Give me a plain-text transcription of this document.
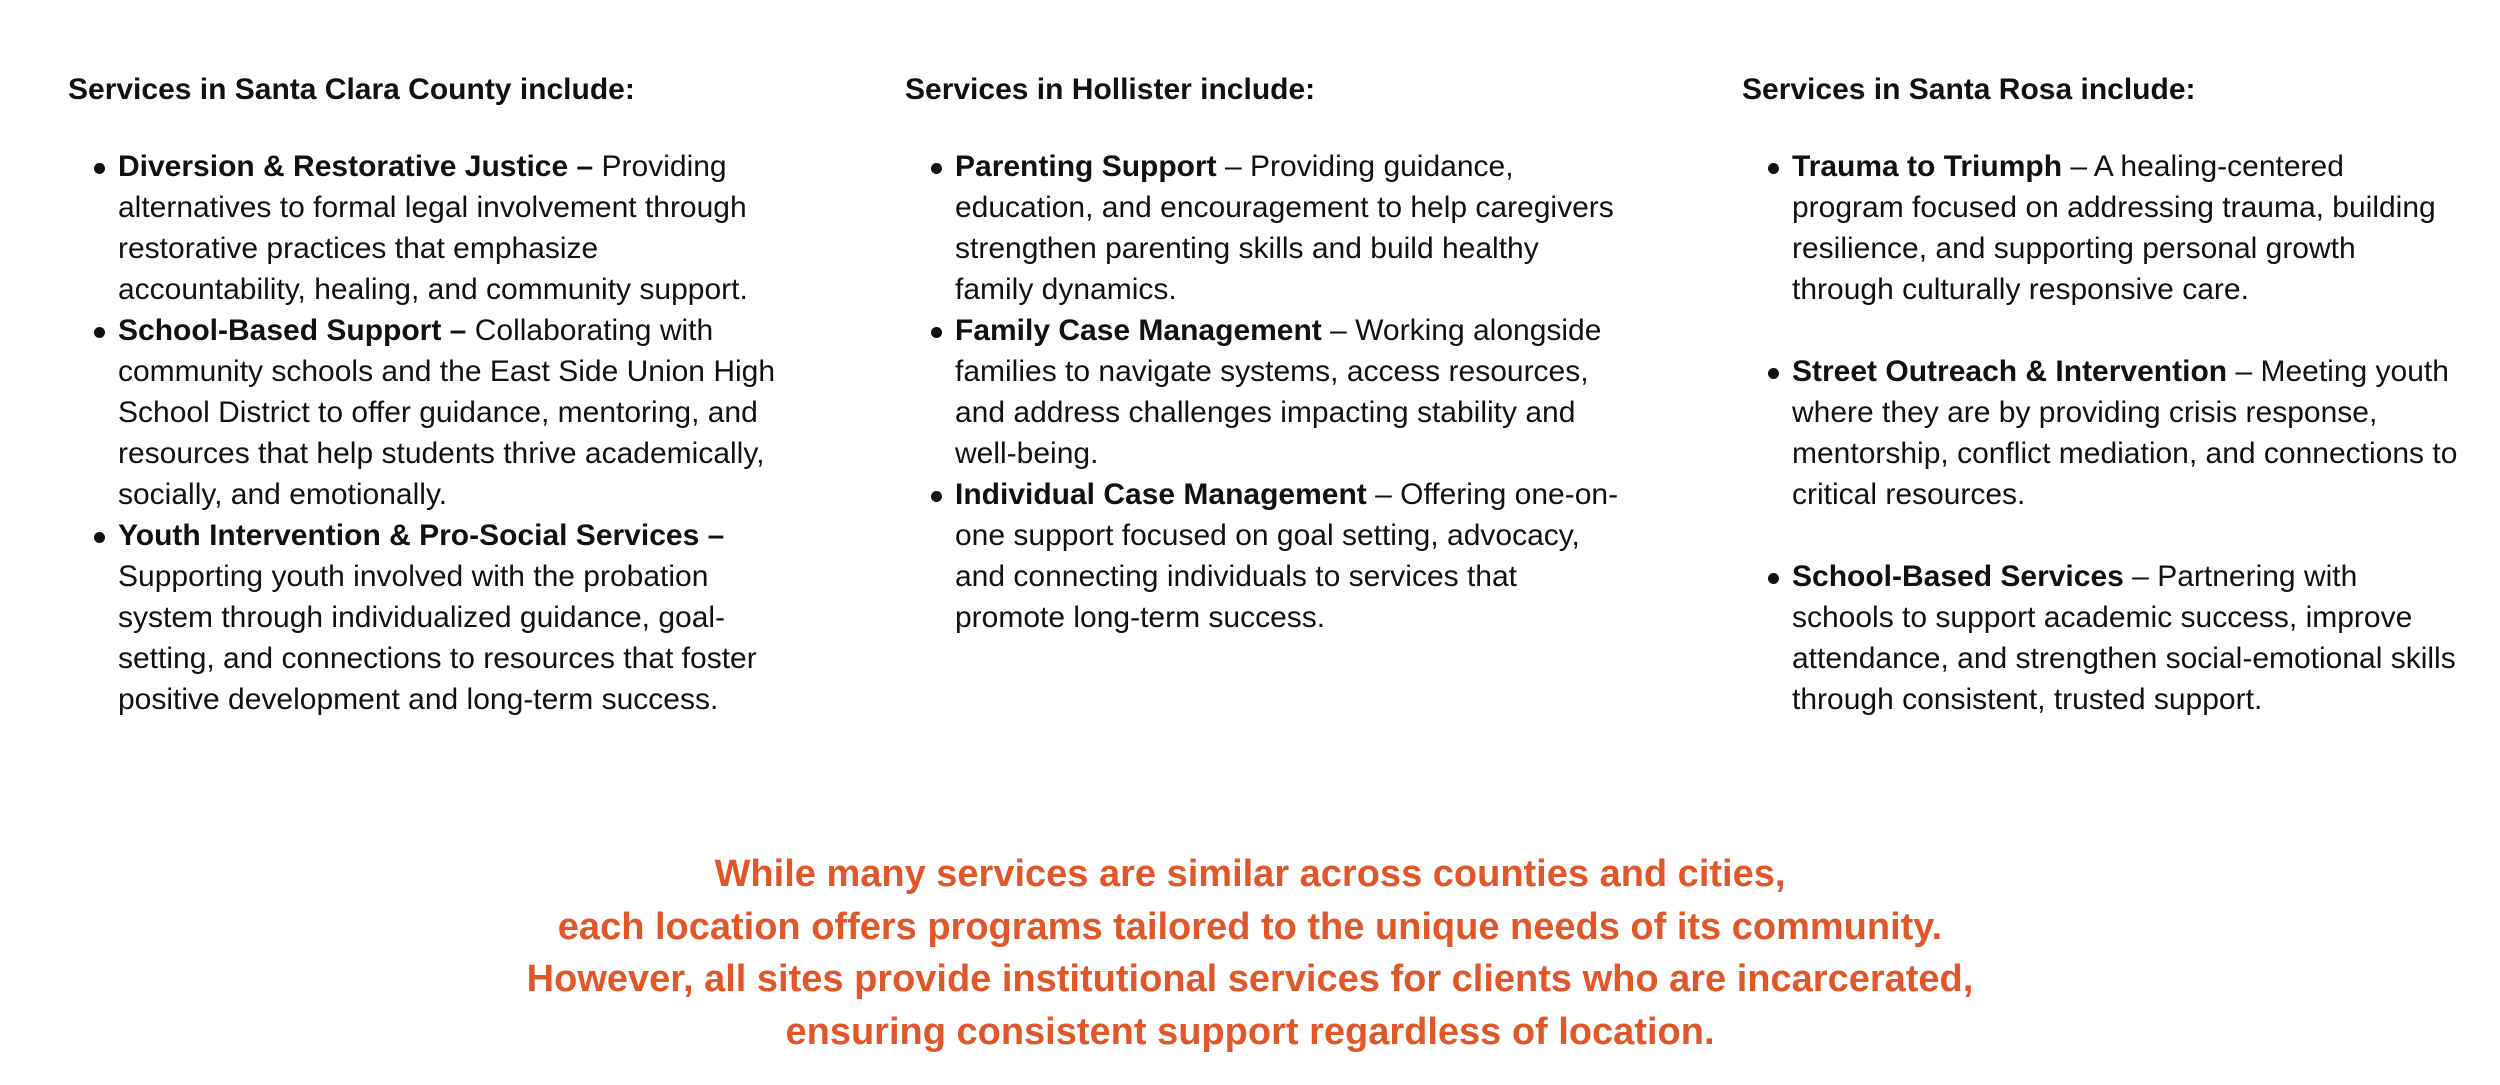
Services in Santa Clara County include:
Diversion & Restorative Justice – Providing alternatives to formal legal involvement through restorative practices that emphasize accountability, healing, and community support.
School-Based Support – Collaborating with community schools and the East Side Union High School District to offer guidance, mentoring, and resources that help students thrive academically, socially, and emotionally.
Youth Intervention & Pro-Social Services – Supporting youth involved with the probation system through individualized guidance, goal-setting, and connections to resources that foster positive development and long-term success.
Services in Hollister include:
Parenting Support – Providing guidance, education, and encouragement to help caregivers strengthen parenting skills and build healthy family dynamics.
Family Case Management – Working alongside families to navigate systems, access resources, and address challenges impacting stability and well-being.
Individual Case Management – Offering one-on-one support focused on goal setting, advocacy, and connecting individuals to services that promote long-term success.
Services in Santa Rosa include:
Trauma to Triumph – A healing-centered program focused on addressing trauma, building resilience, and supporting personal growth through culturally responsive care.
Street Outreach & Intervention – Meeting youth where they are by providing crisis response, mentorship, conflict mediation, and connections to critical resources.
School-Based Services – Partnering with schools to support academic success, improve attendance, and strengthen social-emotional skills through consistent, trusted support.
While many services are similar across counties and cities,
each location offers programs tailored to the unique needs of its community.
However, all sites provide institutional services for clients who are incarcerated,
ensuring consistent support regardless of location.
